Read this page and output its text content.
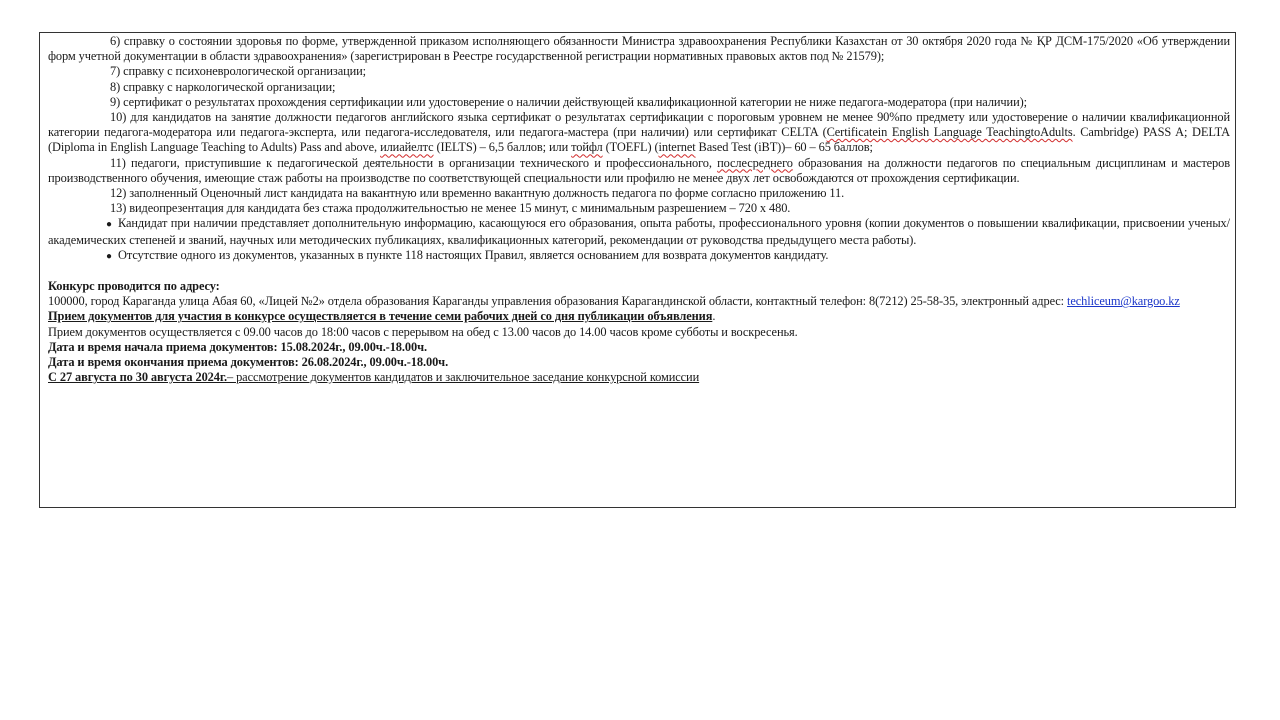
6) справку о состоянии здоровья по форме, утвержденной приказом исполняющего обязанности Министра здравоохранения Республики Казахстан от 30 октября 2020 года № ҚР ДСМ-175/2020 «Об утверждении форм учетной документации в области здравоохранения» (зарегистрирован в Реестре государственной регистрации нормативных правовых актов под № 21579);

7) справку с психоневрологической организации;

8) справку с наркологической организации;

9) сертификат о результатах прохождения сертификации или удостоверение о наличии действующей квалификационной категории не ниже педагога-модератора (при наличии);

10) для кандидатов на занятие должности педагогов английского языка сертификат о результатах сертификации с пороговым уровнем не менее 90%по предмету или удостоверение о наличии квалификационной категории педагога-модератора или педагога-эксперта, или педагога-исследователя, или педагога-мастера (при наличии) или сертификат CELTA (Certificatein English Language TeachingtoAdults. Cambridge) PASS A; DELTA (Diploma in English Language Teaching to Adults) Pass and above, илиайелтс (IELTS) – 6,5 баллов; или тойфл (TOEFL) (internet Based Test (iBT))– 60 – 65 баллов;

11) педагоги, приступившие к педагогической деятельности в организации технического и профессионального, послесреднего образования на должности педагогов по специальным дисциплинам и мастеров производственного обучения, имеющие стаж работы на производстве по соответствующей специальности или профилю не менее двух лет освобождаются от прохождения сертификации.

12) заполненный Оценочный лист кандидата на вакантную или временно вакантную должность педагога по форме согласно приложению 11.

13) видеопрезентация для кандидата без стажа продолжительностью не менее 15 минут, с минимальным разрешением – 720 x 480.

● Кандидат при наличии представляет дополнительную информацию, касающуюся его образования, опыта работы, профессионального уровня (копии документов о повышении квалификации, присвоении ученых/академических степеней и званий, научных или методических публикациях, квалификационных категорий, рекомендации от руководства предыдущего места работы).

● Отсутствие одного из документов, указанных в пункте 118 настоящих Правил, является основанием для возврата документов кандидату.

Конкурс проводится по адресу:

100000, город Караганда улица Абая 60, «Лицей №2» отдела образования Караганды управления образования Карагандинской области, контактный телефон: 8(7212) 25-58-35, электронный адрес: techliceum@kargoo.kz

Прием документов для участия в конкурсе осуществляется в течение семи рабочих дней со дня публикации объявления.

Прием документов осуществляется с 09.00 часов до 18:00 часов с перерывом на обед с 13.00 часов до 14.00 часов кроме субботы и воскресенья.

Дата и время начала приема документов: 15.08.2024г., 09.00ч.-18.00ч.

Дата и время окончания приема документов: 26.08.2024г., 09.00ч.-18.00ч.

С 27 августа по 30 августа 2024г.– рассмотрение документов кандидатов и заключительное заседание конкурсной комиссии
